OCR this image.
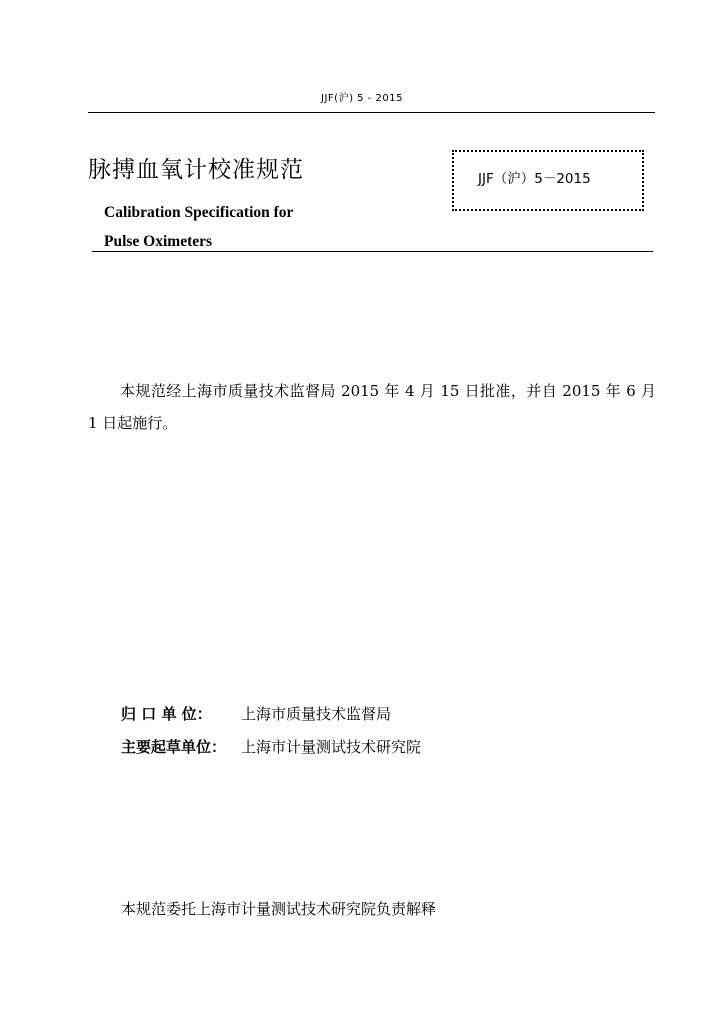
JJF(沪) 5 - 2015
脉搏血氧计校准规范	JJF（沪）5－2015
Calibration Specification for
Pulse Oximeters
本规范经上海市质量技术监督局 2015 年 4 月 15 日批准，并自 2015 年 6 月 1 日起施行。
归 口 单 位： 上海市质量技术监督局
主要起草单位： 上海市计量测试技术研究院
本规范委托上海市计量测试技术研究院负责解释
